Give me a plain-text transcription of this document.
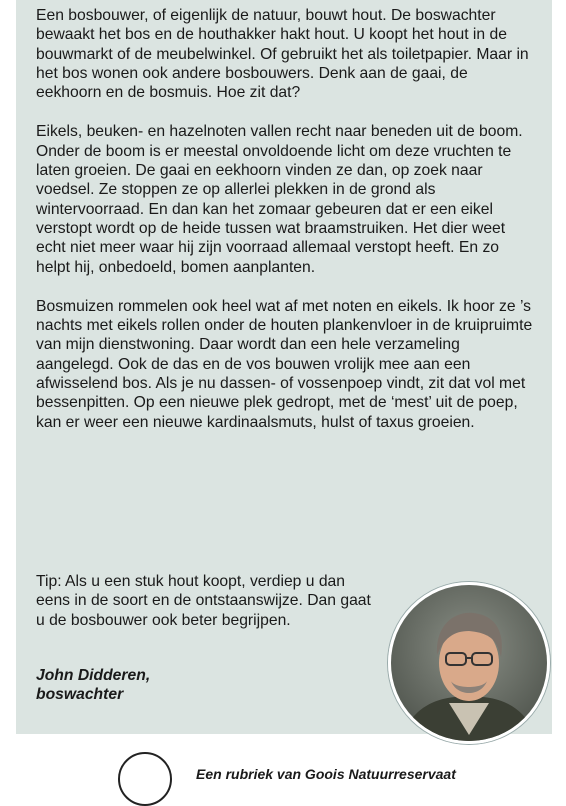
Een bosbouwer, of eigenlijk de natuur, bouwt hout. De boswachter bewaakt het bos en de houthakker hakt hout. U koopt het hout in de bouwmarkt of de meubelwinkel. Of gebruikt het als toiletpapier. Maar in het bos wonen ook andere bosbouwers. Denk aan de gaai, de eekhoorn en de bosmuis. Hoe zit dat?

Eikels, beuken- en hazelnoten vallen recht naar beneden uit de boom. Onder de boom is er meestal onvoldoende licht om deze vruchten te laten groeien. De gaai en eekhoorn vinden ze dan, op zoek naar voedsel. Ze stoppen ze op allerlei plekken in de grond als wintervoorraad. En dan kan het zomaar gebeuren dat er een eikel verstopt wordt op de heide tussen wat braamstruiken. Het dier weet echt niet meer waar hij zijn voorraad allemaal verstopt heeft. En zo helpt hij, onbedoeld, bomen aanplanten.

Bosmuizen rommelen ook heel wat af met noten en eikels. Ik hoor ze ’s nachts met eikels rollen onder de houten plankenvloer in de kruipruimte van mijn dienstwoning. Daar wordt dan een hele verzameling aangelegd. Ook de das en de vos bouwen vrolijk mee aan een afwisselend bos. Als je nu dassen- of vossenpoep vindt, zit dat vol met bessenpitten. Op een nieuwe plek gedropt, met de ‘mest’ uit de poep, kan er weer een nieuwe kardinaalsmuts, hulst of taxus groeien.

Tip: Als u een stuk hout koopt, verdiep u dan eens in de soort en de ontstaanswijze. Dan gaat u de bosbouwer ook beter begrijpen.

John Didderen,
boswachter
Een rubriek van Goois Natuurreservaat
